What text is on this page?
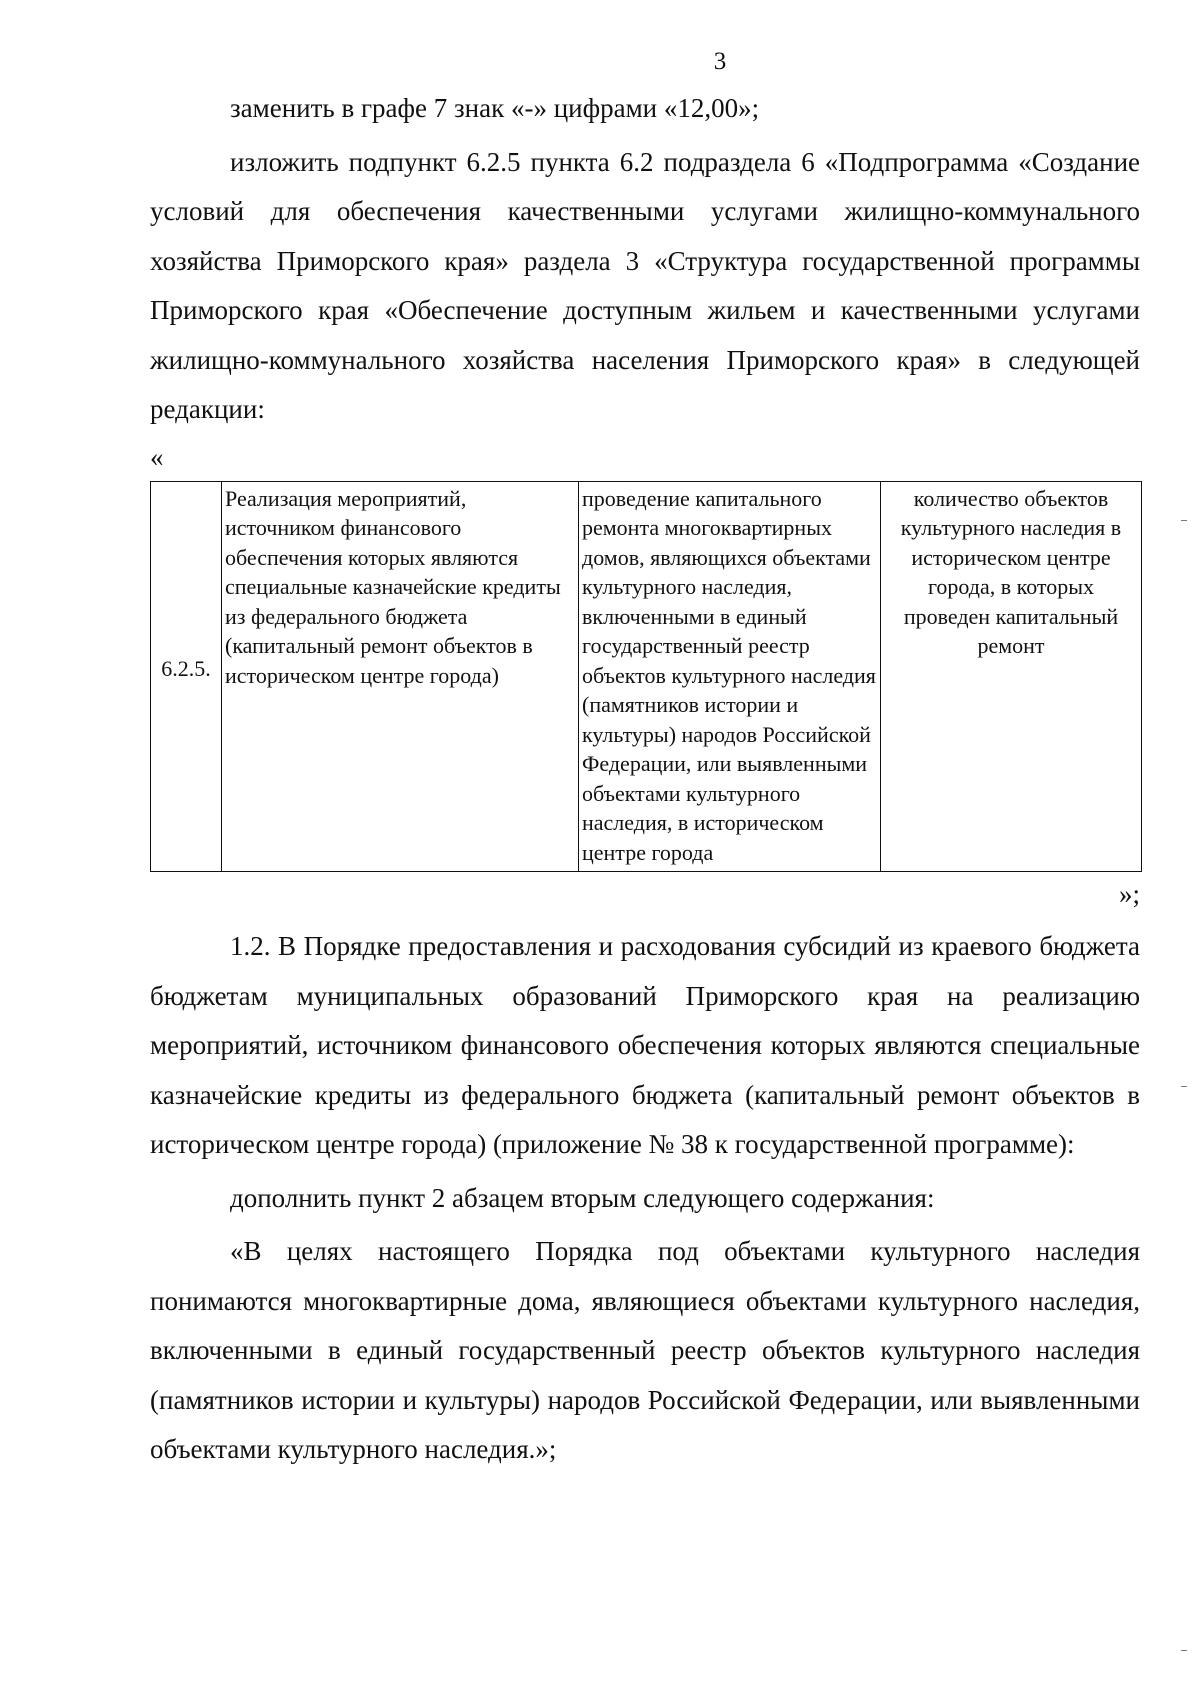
3

заменить в графе 7 знак «-» цифрами «12,00»;

изложить подпункт 6.2.5 пункта 6.2 подраздела 6 «Подпрограмма «Создание условий для обеспечения качественными услугами жилищно-коммунального хозяйства Приморского края» раздела 3 «Структура государственной программы Приморского края «Обеспечение доступным жильем и качественными услугами жилищно-коммунального хозяйства населения Приморского края» в следующей редакции:

«
6.2.5.	Реализация мероприятий, источником финансового обеспечения которых являются специальные казначейские кредиты из федерального бюджета (капитальный ремонт объектов в историческом центре города)	проведение капитального ремонта многоквартирных домов, являющихся объектами культурного наследия, включенными в единый государственный реестр объектов культурного наследия (памятников истории и культуры) народов Российской Федерации, или выявленными объектами культурного наследия, в историческом центре города	количество объектов культурного наследия в историческом центре города, в которых проведен капитальный ремонт
»;

1.2. В Порядке предоставления и расходования субсидий из краевого бюджета бюджетам муниципальных образований Приморского края на реализацию мероприятий, источником финансового обеспечения которых являются специальные казначейские кредиты из федерального бюджета (капитальный ремонт объектов в историческом центре города) (приложение № 38 к государственной программе):

дополнить пункт 2 абзацем вторым следующего содержания:

«В целях настоящего Порядка под объектами культурного наследия понимаются многоквартирные дома, являющиеся объектами культурного наследия, включенными в единый государственный реестр объектов культурного наследия (памятников истории и культуры) народов Российской Федерации, или выявленными объектами культурного наследия.»;
